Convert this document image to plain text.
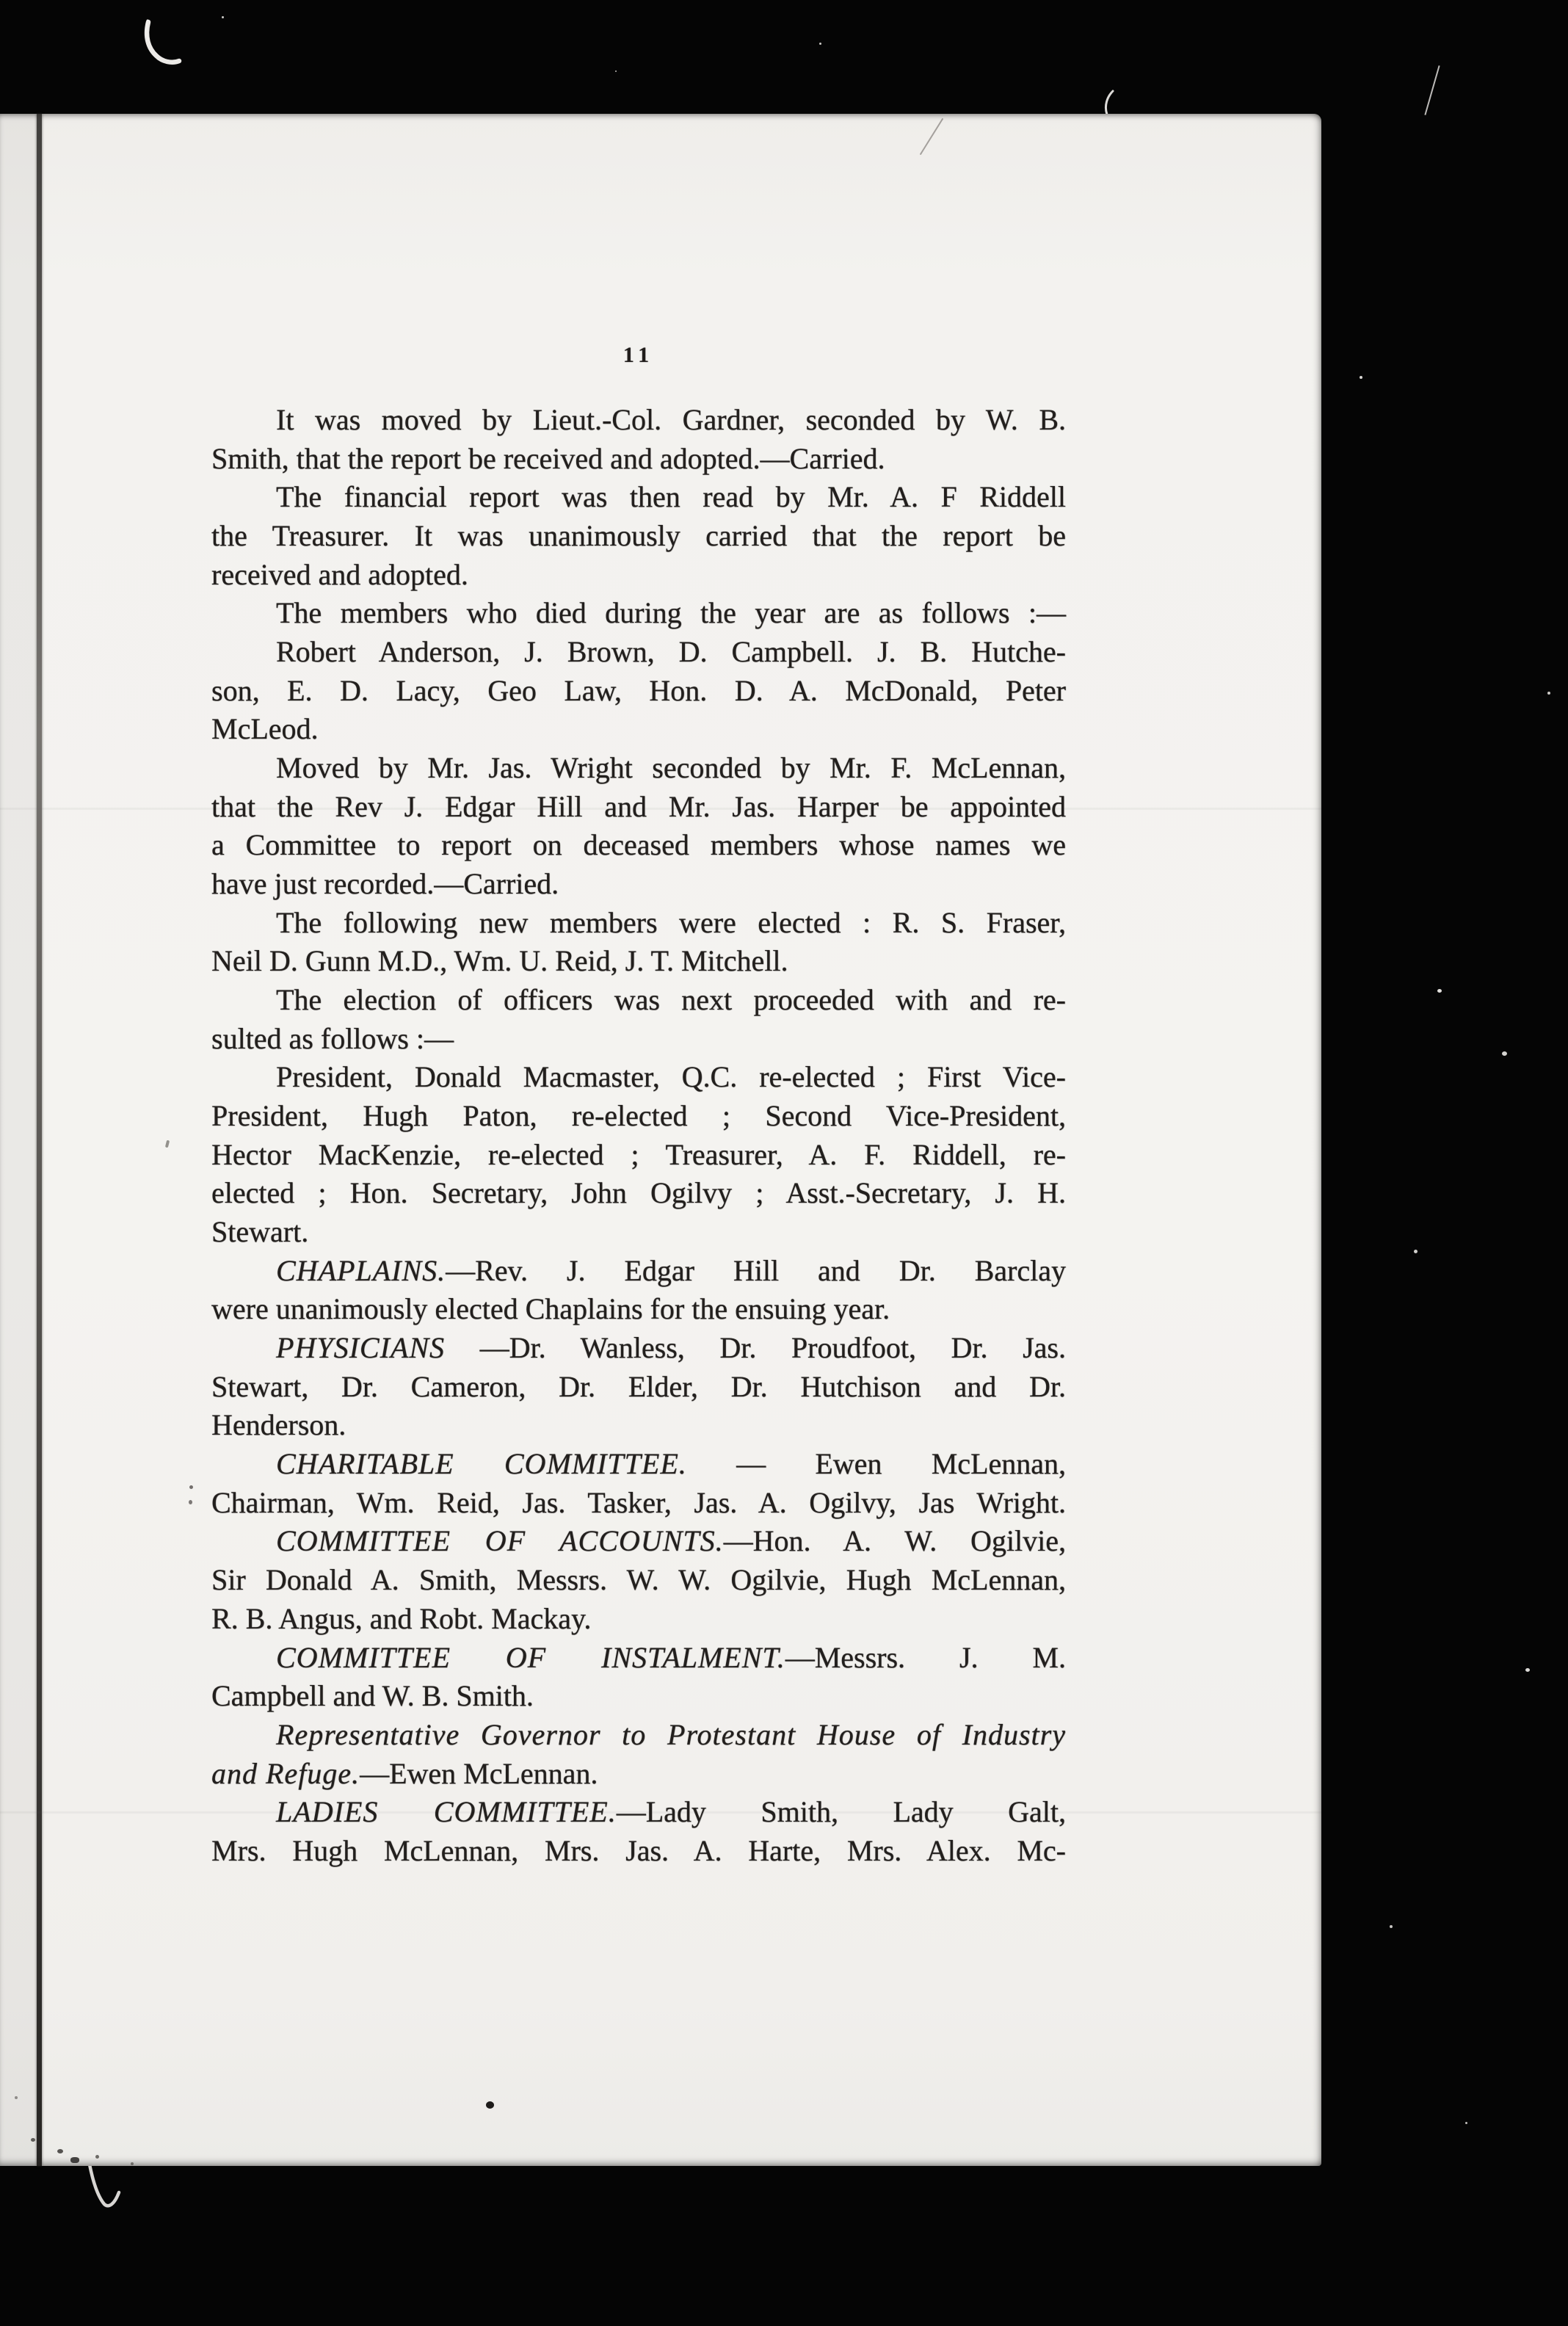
11
It was moved by Lieut.-Col. Gardner, seconded by W. B.
Smith, that the report be received and adopted.—Carried.
The financial report was then read by Mr. A. F Riddell
the Treasurer. It was unanimously carried that the report be
received and adopted.
The members who died during the year are as follows :—
Robert Anderson, J. Brown, D. Campbell. J. B. Hutche-
son, E. D. Lacy, Geo Law, Hon. D. A. McDonald, Peter
McLeod.
Moved by Mr. Jas. Wright seconded by Mr. F. McLennan,
that the Rev J. Edgar Hill and Mr. Jas. Harper be appointed
a Committee to report on deceased members whose names we
have just recorded.—Carried.
The following new members were elected : R. S. Fraser,
Neil D. Gunn M.D., Wm. U. Reid, J. T. Mitchell.
The election of officers was next proceeded with and re-
sulted as follows :—
President, Donald Macmaster, Q.C. re-elected ; First Vice-
President, Hugh Paton, re-elected ; Second Vice-President,
Hector MacKenzie, re-elected ; Treasurer, A. F. Riddell, re-
elected ; Hon. Secretary, John Ogilvy ; Asst.-Secretary, J. H.
Stewart.
CHAPLAINS.—Rev. J. Edgar Hill and Dr. Barclay
were unanimously elected Chaplains for the ensuing year.
PHYSICIANS —Dr. Wanless, Dr. Proudfoot, Dr. Jas.
Stewart, Dr. Cameron, Dr. Elder, Dr. Hutchison and Dr.
Henderson.
CHARITABLE COMMITTEE. — Ewen McLennan,
Chairman, Wm. Reid, Jas. Tasker, Jas. A. Ogilvy, Jas Wright.
COMMITTEE OF ACCOUNTS.—Hon. A. W. Ogilvie,
Sir Donald A. Smith, Messrs. W. W. Ogilvie, Hugh McLennan,
R. B. Angus, and Robt. Mackay.
COMMITTEE OF INSTALMENT.—Messrs. J. M.
Campbell and W. B. Smith.
Representative Governor to Protestant House of Industry
and Refuge.—Ewen McLennan.
LADIES COMMITTEE.—Lady Smith, Lady Galt,
Mrs. Hugh McLennan, Mrs. Jas. A. Harte, Mrs. Alex. Mc-
